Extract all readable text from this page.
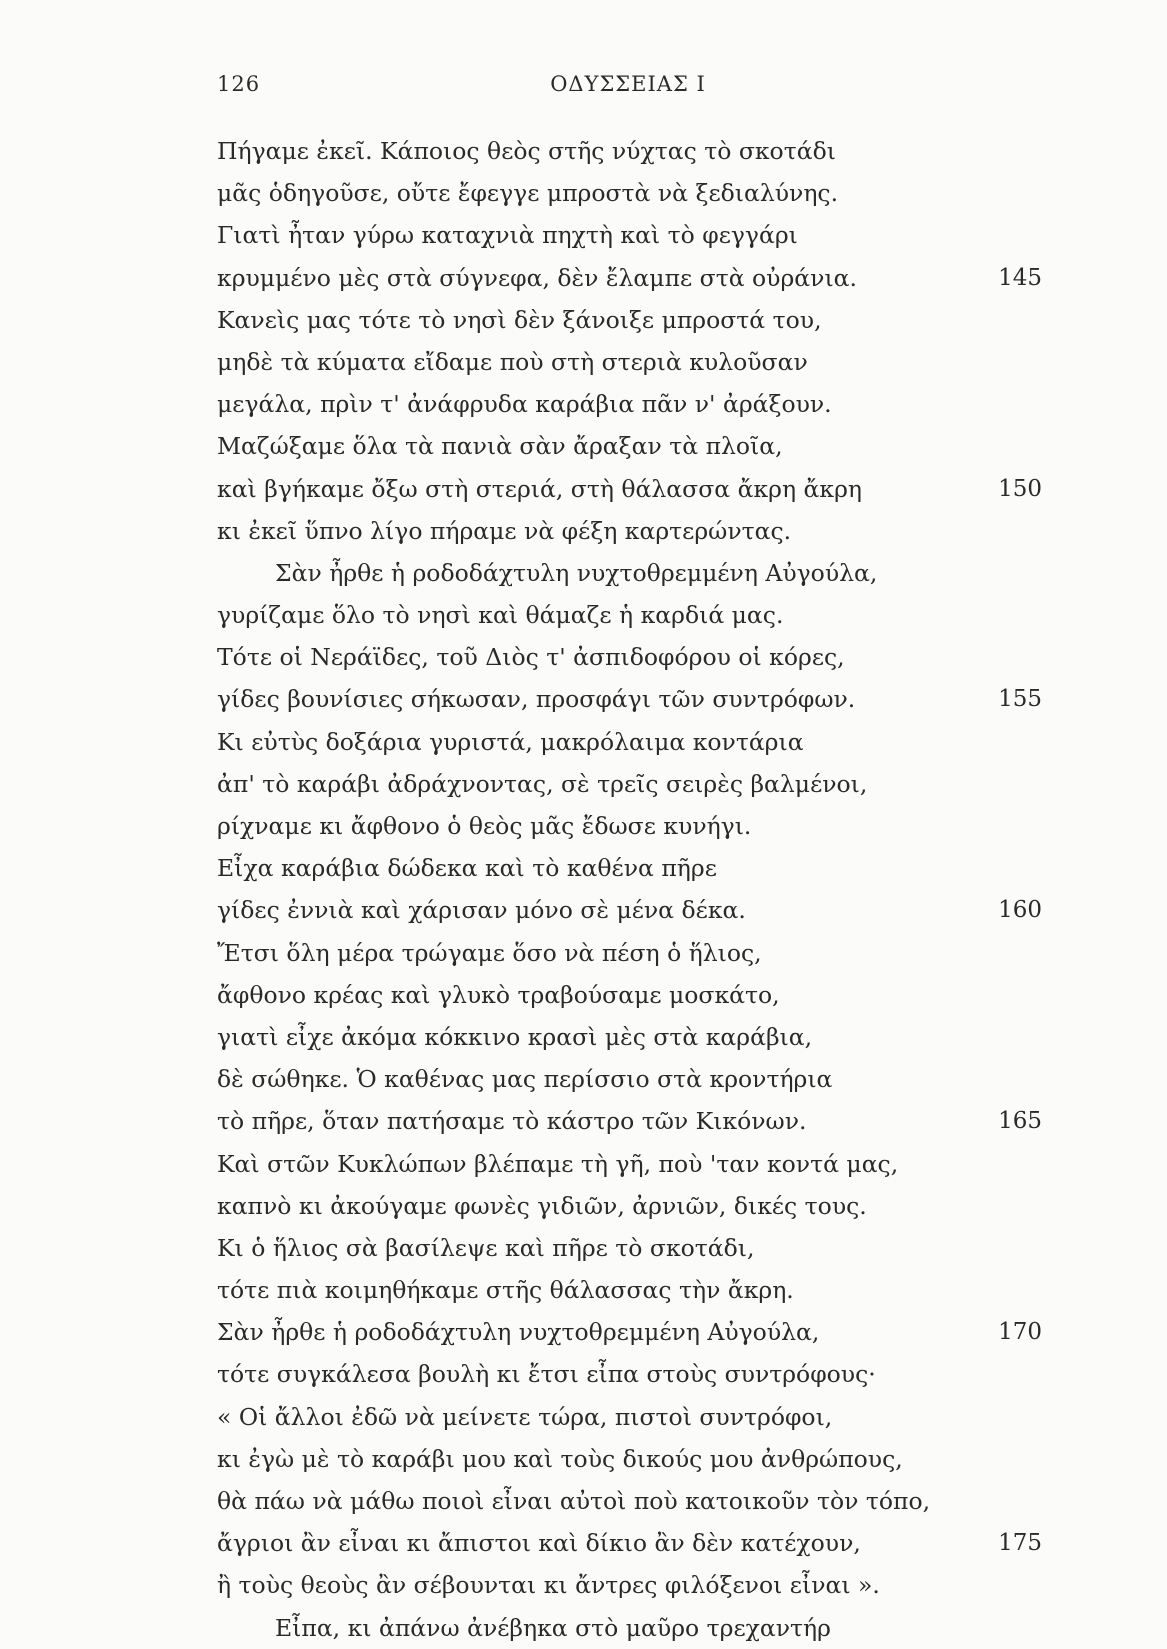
126	ΟΔΥΣΣΕΙΑΣ Ι
Πήγαμε ἐκεῖ. Κάποιος θεὸς στῆς νύχτας τὸ σκοτάδι
μᾶς ὁδηγοῦσε, οὔτε ἔφεγγε μπροστὰ νὰ ξεδιαλύνης.
Γιατὶ ἦταν γύρω καταχνιὰ πηχτὴ καὶ τὸ φεγγάρι
κρυμμένο μὲς στὰ σύγνεφα, δὲν ἔλαμπε στὰ οὐράνια.	145
Κανεὶς μας τότε τὸ νησὶ δὲν ξάνοιξε μπροστά του,
μηδὲ τὰ κύματα εἴδαμε ποὺ στὴ στεριὰ κυλοῦσαν
μεγάλα, πρὶν τ' ἀνάφρυδα καράβια πᾶν ν' ἀράξουν.
Μαζώξαμε ὅλα τὰ πανιὰ σὰν ἄραξαν τὰ πλοῖα,
καὶ βγήκαμε ὄξω στὴ στεριά, στὴ θάλασσα ἄκρη ἄκρη	150
κι ἐκεῖ ὕπνο λίγο πήραμε νὰ φέξη καρτερώντας.
Σὰν ἦρθε ἡ ροδοδάχτυλη νυχτοθρεμμένη Αὐγούλα,
γυρίζαμε ὅλο τὸ νησὶ καὶ θάμαζε ἡ καρδιά μας.
Τότε οἱ Νεράϊδες, τοῦ Διὸς τ' ἀσπιδοφόρου οἱ κόρες,
γίδες βουνίσιες σήκωσαν, προσφάγι τῶν συντρόφων.	155
Κι εὐτὺς δοξάρια γυριστά, μακρόλαιμα κοντάρια
ἀπ' τὸ καράβι ἀδράχνοντας, σὲ τρεῖς σειρὲς βαλμένοι,
ρίχναμε κι ἄφθονο ὁ θεὸς μᾶς ἔδωσε κυνήγι.
Εἶχα καράβια δώδεκα καὶ τὸ καθένα πῆρε
γίδες ἐννιὰ καὶ χάρισαν μόνο σὲ μένα δέκα.	160
Ἔτσι ὅλη μέρα τρώγαμε ὅσο νὰ πέση ὁ ἥλιος,
ἄφθονο κρέας καὶ γλυκὸ τραβούσαμε μοσκάτο,
γιατὶ εἶχε ἀκόμα κόκκινο κρασὶ μὲς στὰ καράβια,
δὲ σώθηκε. Ὁ καθένας μας περίσσιο στὰ κροντήρια
τὸ πῆρε, ὅταν πατήσαμε τὸ κάστρο τῶν Κικόνων.	165
Καὶ στῶν Κυκλώπων βλέπαμε τὴ γῆ, ποὺ 'ταν κοντά μας,
καπνὸ κι ἀκούγαμε φωνὲς γιδιῶν, ἀρνιῶν, δικές τους.
Κι ὁ ἥλιος σὰ βασίλεψε καὶ πῆρε τὸ σκοτάδι,
τότε πιὰ κοιμηθήκαμε στῆς θάλασσας τὴν ἄκρη.
Σὰν ἦρθε ἡ ροδοδάχτυλη νυχτοθρεμμένη Αὐγούλα,	170
τότε συγκάλεσα βουλὴ κι ἔτσι εἶπα στοὺς συντρόφους·
« Οἱ ἄλλοι ἐδῶ νὰ μείνετε τώρα, πιστοὶ συντρόφοι,
κι ἐγὼ μὲ τὸ καράβι μου καὶ τοὺς δικούς μου ἀνθρώπους,
θὰ πάω νὰ μάθω ποιοὶ εἶναι αὐτοὶ ποὺ κατοικοῦν τὸν τόπο,
ἄγριοι ἂν εἶναι κι ἄπιστοι καὶ δίκιο ἂν δὲν κατέχουν,	175
ἢ τοὺς θεοὺς ἂν σέβουνται κι ἄντρες φιλόξενοι εἶναι ».
Εἶπα, κι ἀπάνω ἀνέβηκα στὸ μαῦρο τρεχαντήρ
